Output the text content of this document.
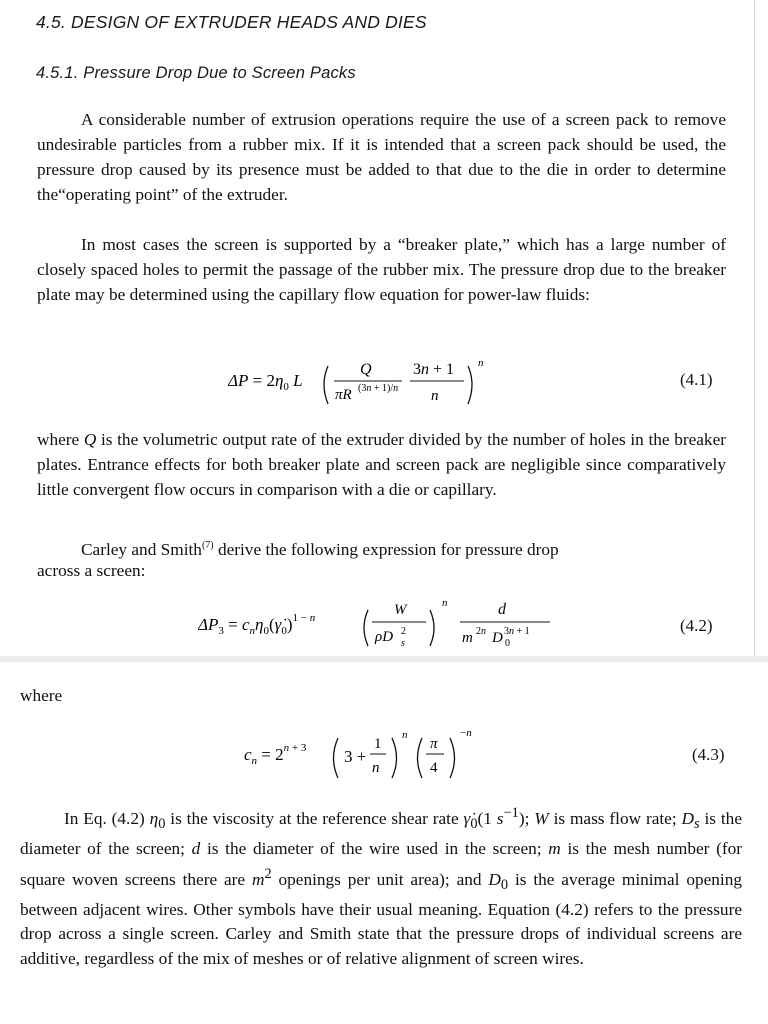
4.5. DESIGN OF EXTRUDER HEADS AND DIES
4.5.1. Pressure Drop Due to Screen Packs
A considerable number of extrusion operations require the use of a screen pack to remove undesirable particles from a rubber mix. If it is intended that a screen pack should be used, the pressure drop caused by its presence must be added to that due to the die in order to determine the“operating point” of the extruder.
In most cases the screen is supported by a “breaker plate,” which has a large number of closely spaced holes to permit the passage of the rubber mix. The pressure drop due to the breaker plate may be determined using the capillary flow equation for power-law fluids:
$\Delta P = 2\eta_0$ L
Q
πR (3n + 1)/n
3n + 1
n
n
(4.1)
where Q is the volumetric output rate of the extruder divided by the number of holes in the breaker plates. Entrance effects for both breaker plate and screen pack are negligible since comparatively little convergent flow occurs in comparison with a die or capillary.
Carley and Smith$^{(7)}$ derive the following expression for pressure drop
across a screen:
$\Delta P_3$ = $c_n\eta_0(\gammȧ_0)^{1 - n}$	W
ρD 2
s
n	d
m 2n D 3n + 1
0
(4.2)
where
$c_n = 2^{n + 3}$ 3 +
1
n
n
π
4
−n
(4.3)
In Eq. (4.2) $\eta_0$ is the viscosity at the reference shear rate $\gammȧ_0(1$ $s^{-1}$); W is mass flow rate; $D_s$ is the diameter of the screen; d is the diameter of the wire used in the screen; m is the mesh number (for square woven screens there are $m^2$ openings per unit area); and $D_0$ is the average minimal opening between adjacent wires. Other symbols have their usual meaning. Equation (4.2) refers to the pressure drop across a single screen. Carley and Smith state that the pressure drops of individual screens are additive, regardless of the mix of meshes or of relative alignment of screen wires.
